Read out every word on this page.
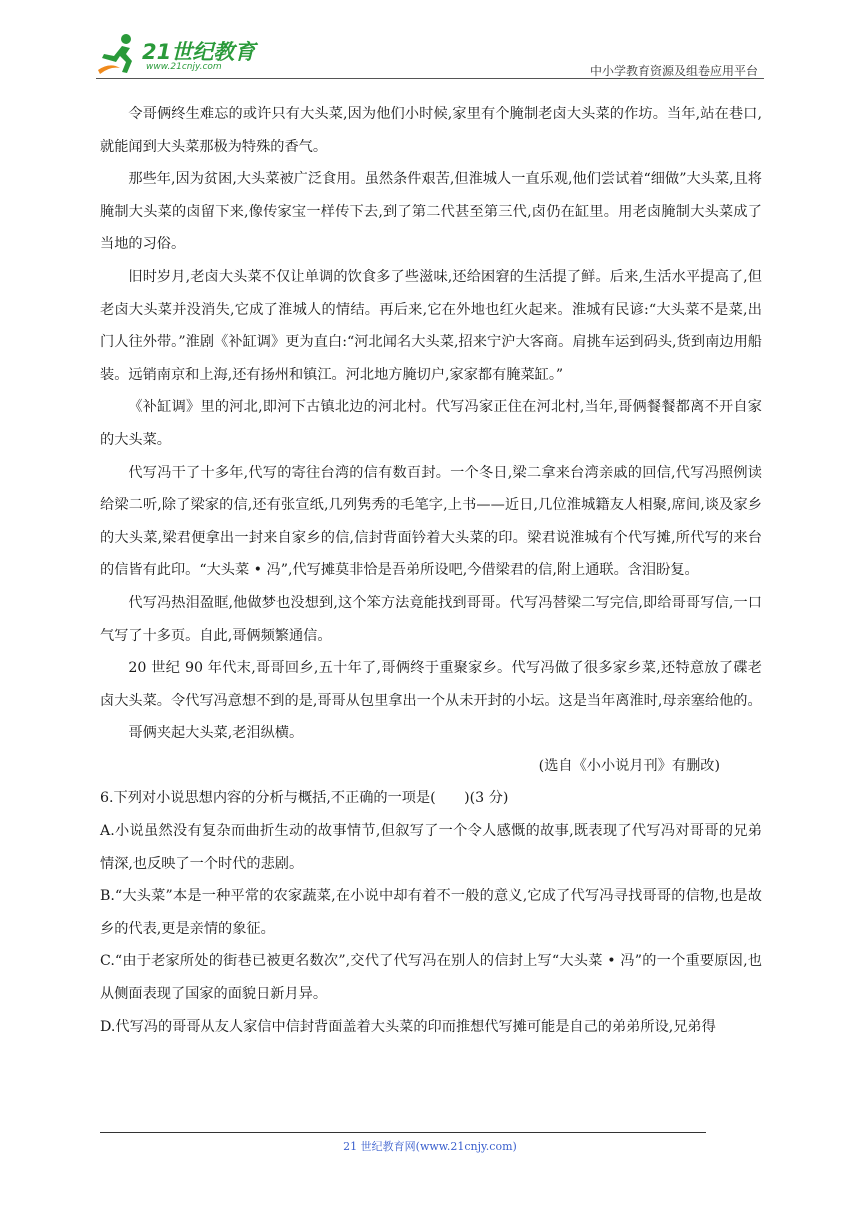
21世纪教育
www.21cnjy.com	中小学教育资源及组卷应用平台

令哥俩终生难忘的或许只有大头菜,因为他们小时候,家里有个腌制老卤大头菜的作坊。当年,站在巷口,就能闻到大头菜那极为特殊的香气。

那些年,因为贫困,大头菜被广泛食用。虽然条件艰苦,但淮城人一直乐观,他们尝试着“细做”大头菜,且将腌制大头菜的卤留下来,像传家宝一样传下去,到了第二代甚至第三代,卤仍在缸里。用老卤腌制大头菜成了当地的习俗。

旧时岁月,老卤大头菜不仅让单调的饮食多了些滋味,还给困窘的生活提了鲜。后来,生活水平提高了,但老卤大头菜并没消失,它成了淮城人的情结。再后来,它在外地也红火起来。淮城有民谚:“大头菜不是菜,出门人往外带。”淮剧《补缸调》更为直白:“河北闻名大头菜,招来宁沪大客商。肩挑车运到码头,货到南边用船装。远销南京和上海,还有扬州和镇江。河北地方腌切户,家家都有腌菜缸。”

《补缸调》里的河北,即河下古镇北边的河北村。代写冯家正住在河北村,当年,哥俩餐餐都离不开自家的大头菜。

代写冯干了十多年,代写的寄往台湾的信有数百封。一个冬日,梁二拿来台湾亲戚的回信,代写冯照例读给梁二听,除了梁家的信,还有张宣纸,几列隽秀的毛笔字,上书——近日,几位淮城籍友人相聚,席间,谈及家乡的大头菜,梁君便拿出一封来自家乡的信,信封背面钤着大头菜的印。梁君说淮城有个代写摊,所代写的来台的信皆有此印。“大头菜 • 冯”,代写摊莫非恰是吾弟所设吧,今借梁君的信,附上通联。含泪盼复。

代写冯热泪盈眶,他做梦也没想到,这个笨方法竟能找到哥哥。代写冯替梁二写完信,即给哥哥写信,一口气写了十多页。自此,哥俩频繁通信。

20 世纪 90 年代末,哥哥回乡,五十年了,哥俩终于重聚家乡。代写冯做了很多家乡菜,还特意放了碟老卤大头菜。令代写冯意想不到的是,哥哥从包里拿出一个从未开封的小坛。这是当年离淮时,母亲塞给他的。

哥俩夹起大头菜,老泪纵横。

(选自《小小说月刊》有删改)

6.下列对小说思想内容的分析与概括,不正确的一项是(　　)(3 分)

A.小说虽然没有复杂而曲折生动的故事情节,但叙写了一个令人感慨的故事,既表现了代写冯对哥哥的兄弟情深,也反映了一个时代的悲剧。

B.“大头菜”本是一种平常的农家蔬菜,在小说中却有着不一般的意义,它成了代写冯寻找哥哥的信物,也是故乡的代表,更是亲情的象征。

C.“由于老家所处的街巷已被更名数次”,交代了代写冯在别人的信封上写“大头菜 • 冯”的一个重要原因,也从侧面表现了国家的面貌日新月异。

D.代写冯的哥哥从友人家信中信封背面盖着大头菜的印而推想代写摊可能是自己的弟弟所设,兄弟得

21 世纪教育网(www.21cnjy.com)
